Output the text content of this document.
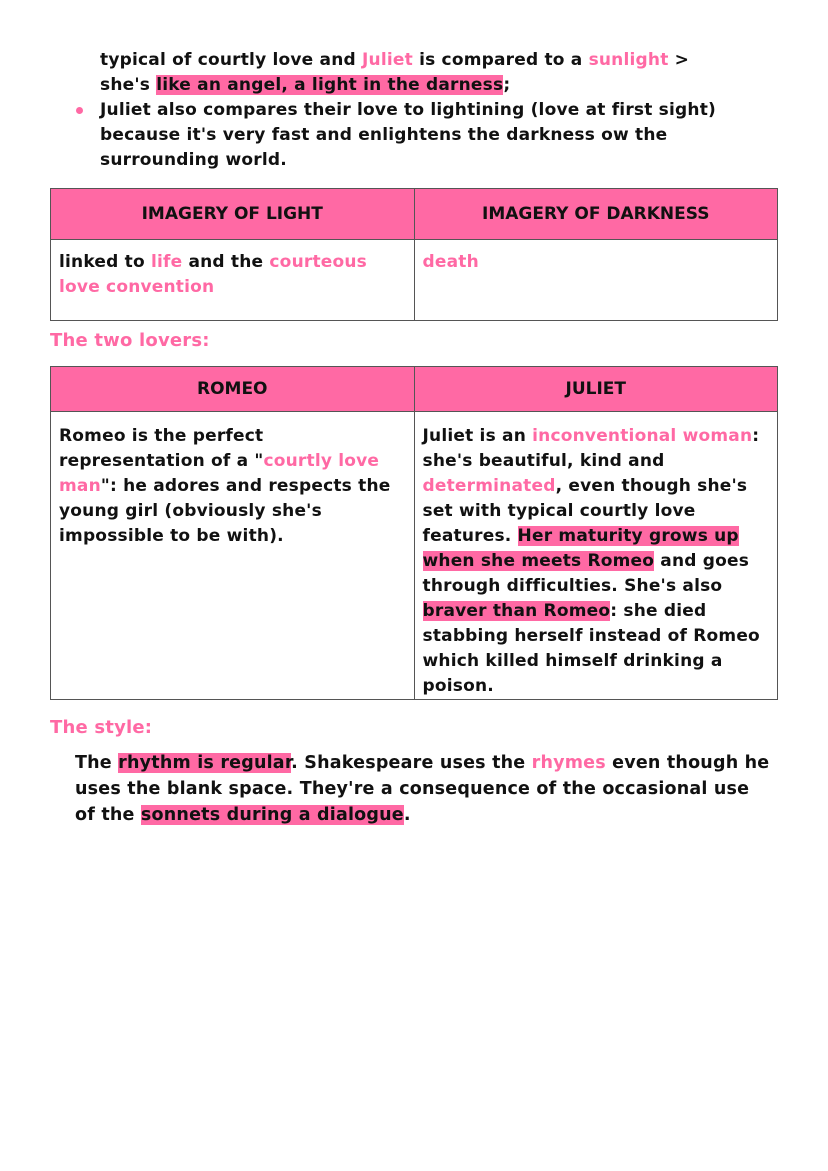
typical of courtly love and Juliet is compared to a sunlight >
she's like an angel, a light in the darness;

Juliet also compares their love to lightining (love at first sight) because it's very fast and enlightens the darkness ow the surrounding world.
IMAGERY OF LIGHT	IMAGERY OF DARKNESS
linked to life and the courteous love convention	death
The two lovers:
ROMEO	JULIET
Romeo is the perfect representation of a "courtly love man": he adores and respects the young girl (obviously she's impossible to be with).	Juliet is an inconventional woman: she's beautiful, kind and determinated, even though she's set with typical courtly love features. Her maturity grows up when she meets Romeo and goes through difficulties. She's also braver than Romeo: she died stabbing herself instead of Romeo which killed himself drinking a poison.
The style:

The rhythm is regular. Shakespeare uses the rhymes even though he uses the blank space. They're a consequence of the occasional use of the sonnets during a dialogue.
